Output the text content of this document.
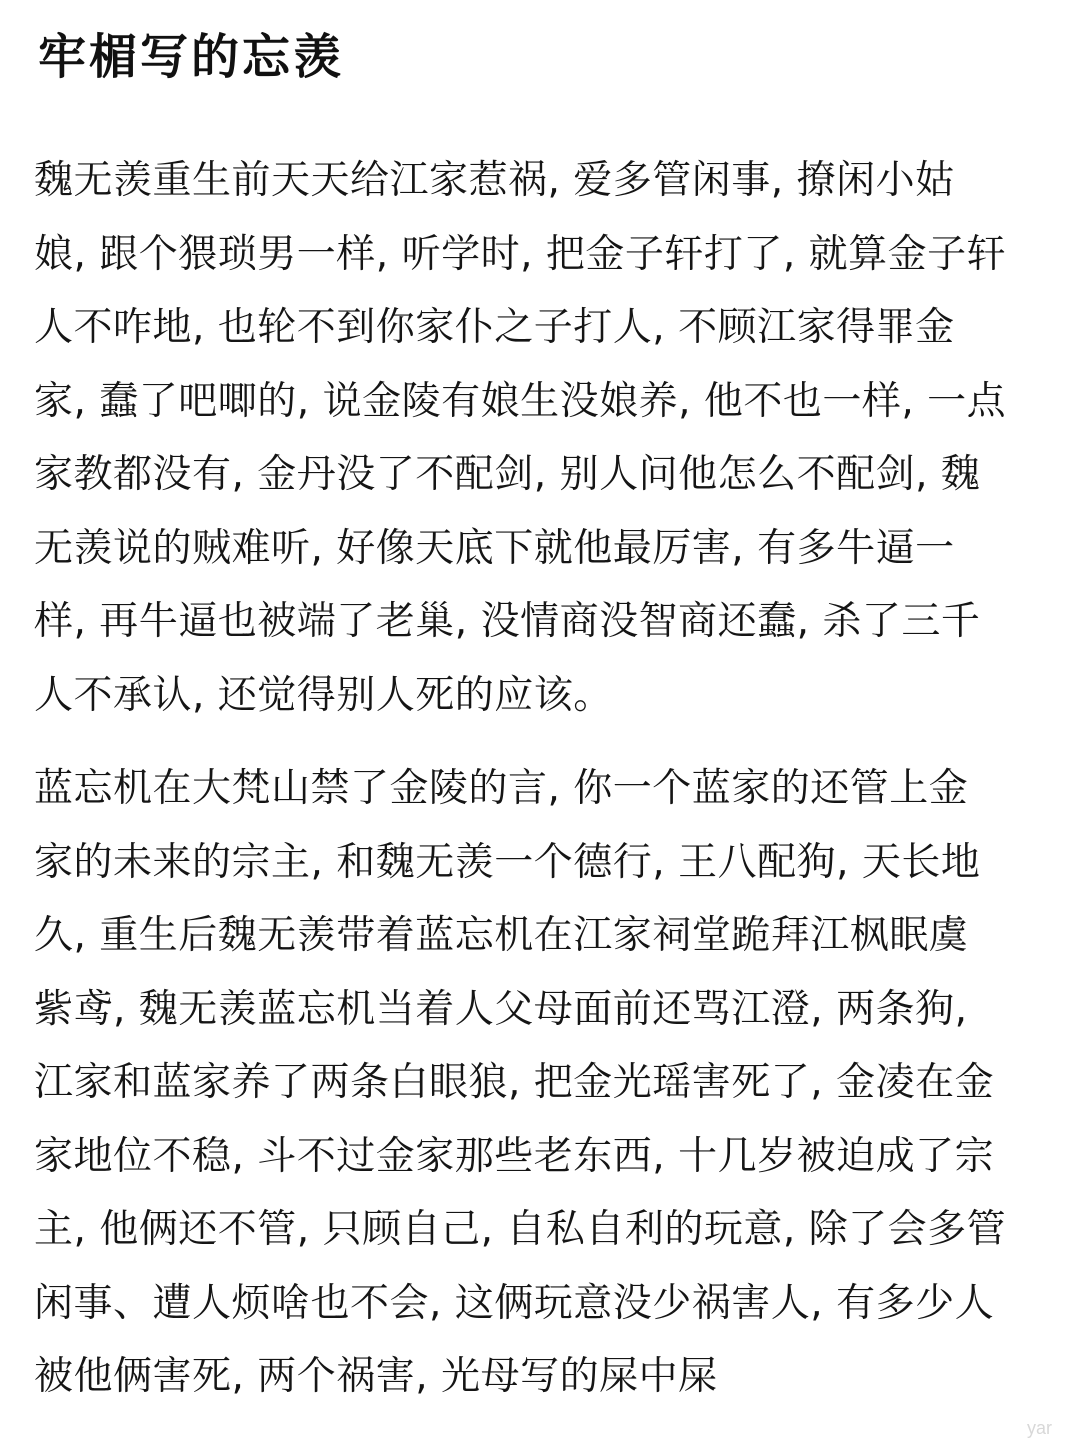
牢楣写的忘羡
魏无羡重生前天天给江家惹祸, 爱多管闲事, 撩闲小姑
娘, 跟个猥琐男一样, 听学时, 把金子轩打了, 就算金子轩
人不咋地, 也轮不到你家仆之子打人, 不顾江家得罪金
家, 蠢了吧唧的, 说金陵有娘生没娘养, 他不也一样, 一点
家教都没有, 金丹没了不配剑, 别人问他怎么不配剑, 魏
无羡说的贼难听, 好像天底下就他最厉害, 有多牛逼一
样, 再牛逼也被端了老巢, 没情商没智商还蠢, 杀了三千
人不承认, 还觉得别人死的应该。
蓝忘机在大梵山禁了金陵的言, 你一个蓝家的还管上金
家的未来的宗主, 和魏无羡一个德行, 王八配狗, 天长地
久, 重生后魏无羡带着蓝忘机在江家祠堂跪拜江枫眠虞
紫鸢, 魏无羡蓝忘机当着人父母面前还骂江澄, 两条狗,
江家和蓝家养了两条白眼狼, 把金光瑶害死了, 金凌在金
家地位不稳, 斗不过金家那些老东西, 十几岁被迫成了宗
主, 他俩还不管, 只顾自己, 自私自利的玩意, 除了会多管
闲事、遭人烦啥也不会, 这俩玩意没少祸害人, 有多少人
被他俩害死, 两个祸害, 光母写的屎中屎
yar
